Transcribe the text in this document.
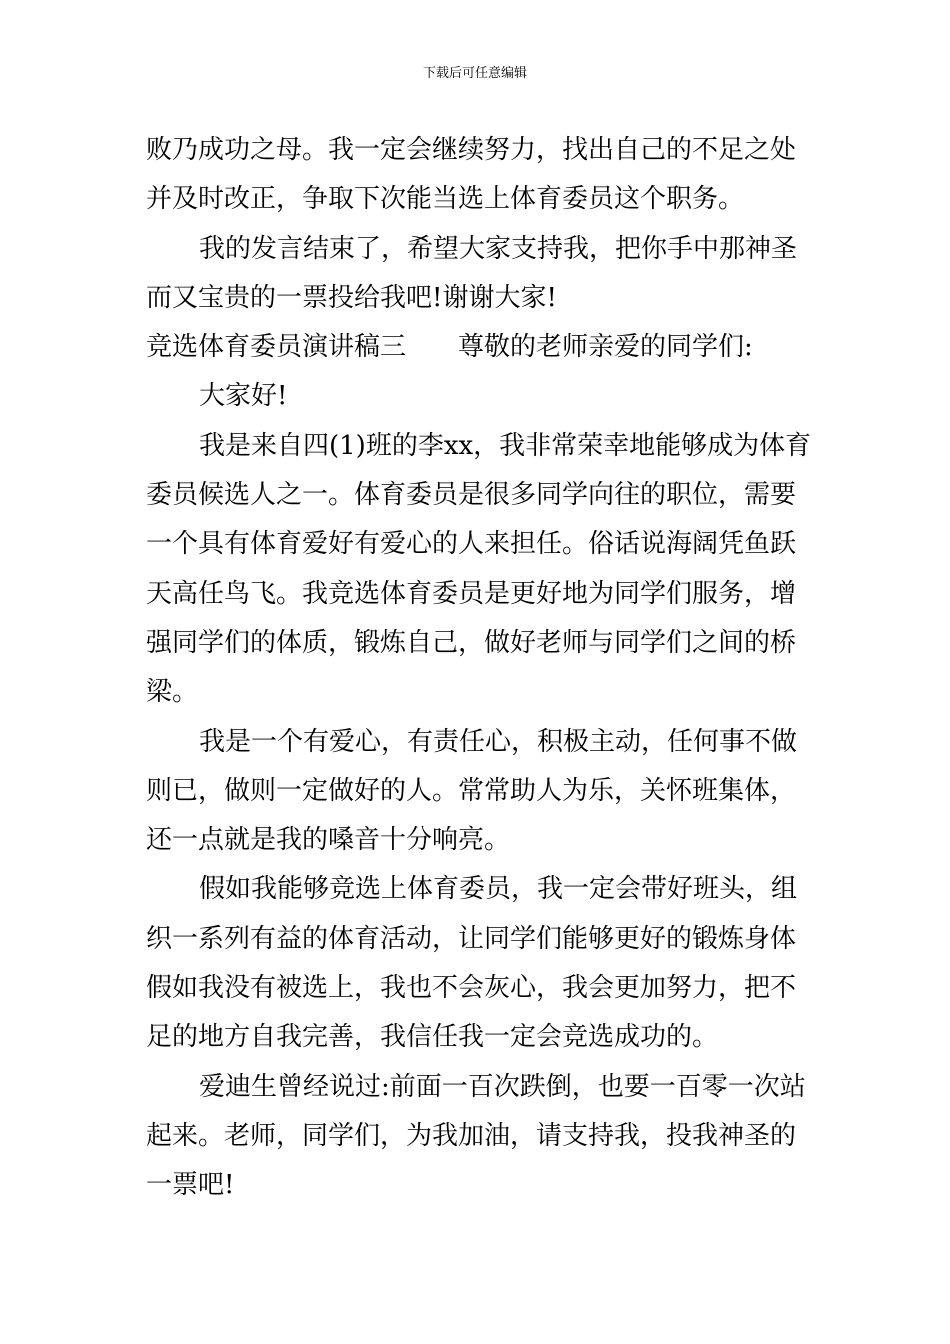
下载后可任意编辑
败乃成功之母。我一定会继续努力，找出自己的不足之处
并及时改正，争取下次能当选上体育委员这个职务。
我的发言结束了，希望大家支持我，把你手中那神圣
而又宝贵的一票投给我吧!谢谢大家!
竞选体育委员演讲稿三 尊敬的老师亲爱的同学们:
大家好!
我是来自四(1)班的李xx，我非常荣幸地能够成为体育
委员候选人之一。体育委员是很多同学向往的职位，需要
一个具有体育爱好有爱心的人来担任。俗话说海阔凭鱼跃
天高任鸟飞。我竞选体育委员是更好地为同学们服务，增
强同学们的体质，锻炼自己，做好老师与同学们之间的桥
梁。
我是一个有爱心，有责任心，积极主动，任何事不做
则已，做则一定做好的人。常常助人为乐，关怀班集体，
还一点就是我的嗓音十分响亮。
假如我能够竞选上体育委员，我一定会带好班头，组
织一系列有益的体育活动，让同学们能够更好的锻炼身体
假如我没有被选上，我也不会灰心，我会更加努力，把不
足的地方自我完善，我信任我一定会竞选成功的。
爱迪生曾经说过:前面一百次跌倒，也要一百零一次站
起来。老师，同学们，为我加油，请支持我，投我神圣的
一票吧!
